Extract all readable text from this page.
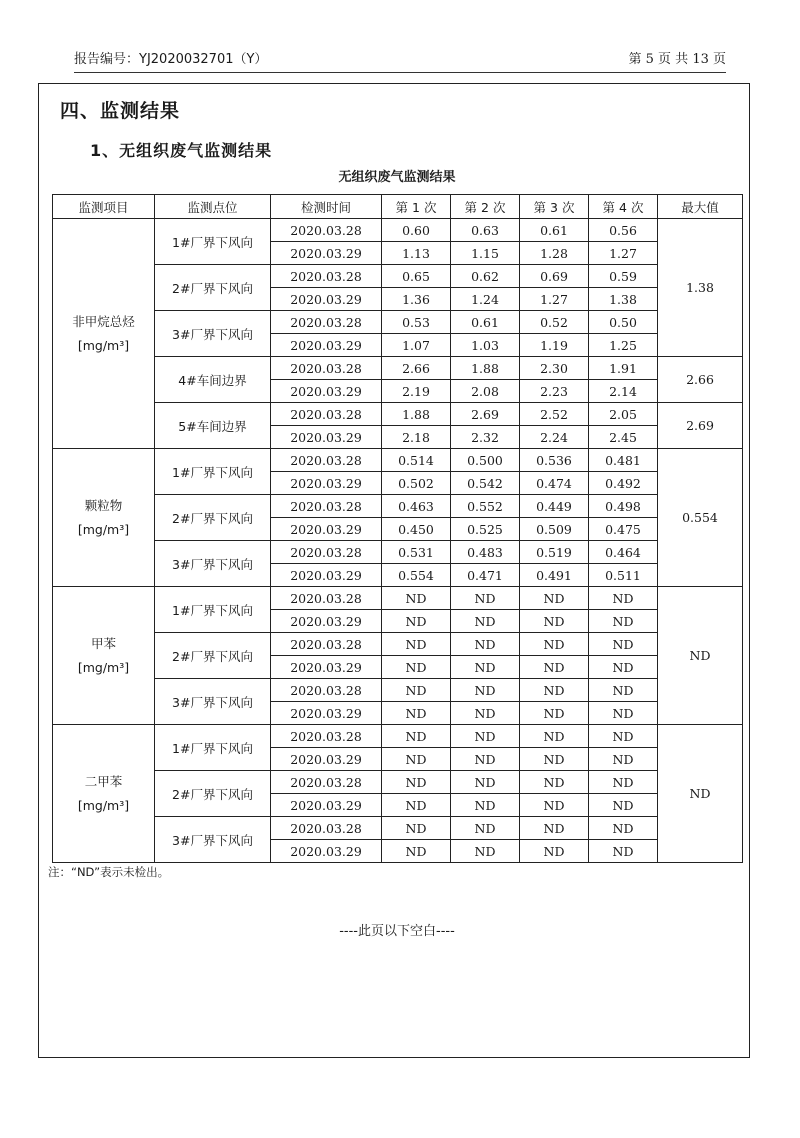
报告编号：YJ2020032701（Y）	第 5 页 共 13 页
四、监测结果
1、无组织废气监测结果
无组织废气监测结果
监测项目	监测点位	检测时间	第 1 次	第 2 次	第 3 次	第 4 次	最大值

非甲烷总烃
[mg/m³]	1#厂界下风向	2020.03.28	0.60	0.63	0.61	0.56	1.38
		2020.03.29	1.13	1.15	1.28	1.27	
	2#厂界下风向	2020.03.28	0.65	0.62	0.69	0.59	
		2020.03.29	1.36	1.24	1.27	1.38	
	3#厂界下风向	2020.03.28	0.53	0.61	0.52	0.50	
		2020.03.29	1.07	1.03	1.19	1.25	
	4#车间边界	2020.03.28	2.66	1.88	2.30	1.91	2.66
		2020.03.29	2.19	2.08	2.23	2.14	
	5#车间边界	2020.03.28	1.88	2.69	2.52	2.05	2.69
		2020.03.29	2.18	2.32	2.24	2.45	

颗粒物
[mg/m³]	1#厂界下风向	2020.03.28	0.514	0.500	0.536	0.481	0.554
		2020.03.29	0.502	0.542	0.474	0.492	
	2#厂界下风向	2020.03.28	0.463	0.552	0.449	0.498	
		2020.03.29	0.450	0.525	0.509	0.475	
	3#厂界下风向	2020.03.28	0.531	0.483	0.519	0.464	
		2020.03.29	0.554	0.471	0.491	0.511	

甲苯
[mg/m³]	1#厂界下风向	2020.03.28	ND	ND	ND	ND	ND
		2020.03.29	ND	ND	ND	ND	
	2#厂界下风向	2020.03.28	ND	ND	ND	ND	
		2020.03.29	ND	ND	ND	ND	
	3#厂界下风向	2020.03.28	ND	ND	ND	ND	
		2020.03.29	ND	ND	ND	ND	

二甲苯
[mg/m³]	1#厂界下风向	2020.03.28	ND	ND	ND	ND	ND
		2020.03.29	ND	ND	ND	ND	
	2#厂界下风向	2020.03.28	ND	ND	ND	ND	
		2020.03.29	ND	ND	ND	ND	
	3#厂界下风向	2020.03.28	ND	ND	ND	ND	
		2020.03.29	ND	ND	ND	ND	
注：“ND”表示未检出。
----此页以下空白----
